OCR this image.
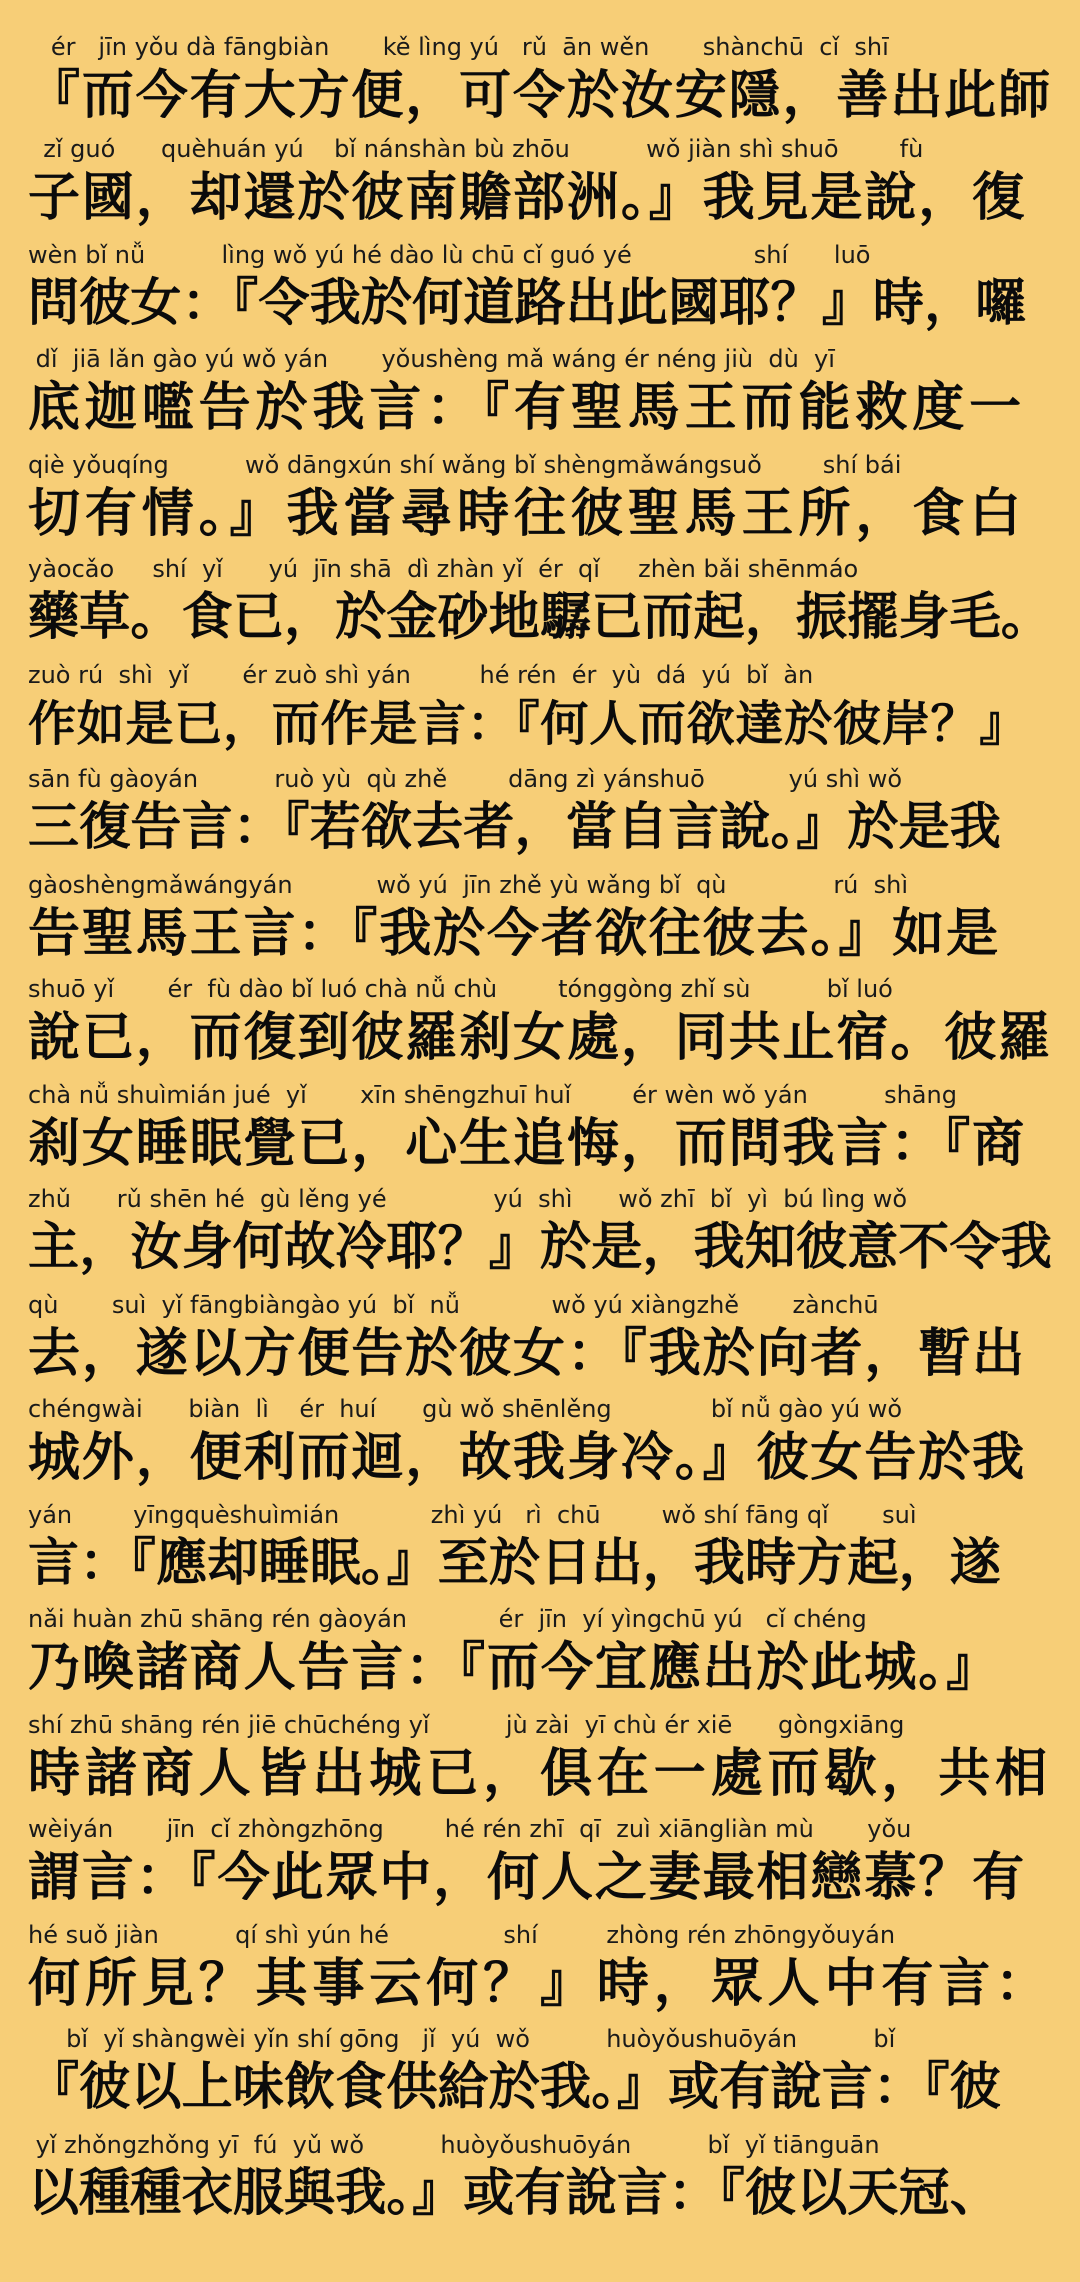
ér   jīn yǒu dà fāngbiàn       kě lìng yú   rǔ  ān wěn       shànchū  cǐ  shī
『而今有大方便，可令於汝安隱，善出此師
zǐ guó      quèhuán yú    bǐ nánshàn bù zhōu          wǒ jiàn shì shuō        fù
子國，却還於彼南贍部洲。』我見是說，復
wèn bǐ nǚ          lìng wǒ yú hé dào lù chū cǐ guó yé                shí      luō
問彼女：『令我於何道路出此國耶？』時，囉
dǐ  jiā lǎn gào yú wǒ yán       yǒushèng mǎ wáng ér néng jiù  dù  yī
底迦嚂告於我言：『有聖馬王而能救度一
qiè yǒuqíng          wǒ dāngxún shí wǎng bǐ shèngmǎwángsuǒ        shí bái
切有情。』我當尋時往彼聖馬王所，食白
yàocǎo     shí  yǐ      yú  jīn shā  dì zhàn yǐ  ér  qǐ     zhèn bǎi shēnmáo
藥草。食已，於金砂地驏已而起，振擺身毛。
zuò rú  shì  yǐ       ér zuò shì yán         hé rén  ér  yù  dá  yú  bǐ  àn
作如是已，而作是言：『何人而欲達於彼岸？』
sān fù gàoyán          ruò yù  qù zhě        dāng zì yánshuō           yú shì wǒ
三復告言：『若欲去者，當自言說。』於是我
gàoshèngmǎwángyán           wǒ yú  jīn zhě yù wǎng bǐ  qù              rú  shì
告聖馬王言：『我於今者欲往彼去。』如是
shuō yǐ       ér  fù dào bǐ luó chà nǚ chù        tónggòng zhǐ sù          bǐ luó
說已，而復到彼羅刹女處，同共止宿。彼羅
chà nǚ shuìmián jué  yǐ       xīn shēngzhuī huǐ        ér wèn wǒ yán          shāng
刹女睡眠覺已，心生追悔，而問我言：『商
zhǔ      rǔ shēn hé  gù lěng yé              yú  shì      wǒ zhī  bǐ  yì  bú lìng wǒ
主，汝身何故冷耶？』於是，我知彼意不令我
qù       suì  yǐ fāngbiàngào yú  bǐ  nǚ            wǒ yú xiàngzhě       zànchū
去，遂以方便告於彼女：『我於向者，暫出
chéngwài      biàn  lì    ér  huí      gù wǒ shēnlěng             bǐ nǚ gào yú wǒ
城外，便利而迴，故我身冷。』彼女告於我
yán        yīngquèshuìmián            zhì yú   rì  chū        wǒ shí fāng qǐ       suì
言：『應却睡眠。』至於日出，我時方起，遂
nǎi huàn zhū shāng rén gàoyán            ér  jīn  yí yìngchū yú   cǐ chéng
乃喚諸商人告言：『而今宜應出於此城。』
shí zhū shāng rén jiē chūchéng yǐ          jù zài  yī chù ér xiē      gòngxiāng
時諸商人皆出城已，俱在一處而歇，共相
wèiyán       jīn  cǐ zhòngzhōng        hé rén zhī  qī  zuì xiāngliàn mù       yǒu
謂言：『今此眾中，何人之妻最相戀慕？有
hé suǒ jiàn          qí shì yún hé               shí         zhòng rén zhōngyǒuyán
何所見？其事云何？』時，眾人中有言：
bǐ  yǐ shàngwèi yǐn shí gōng   jǐ  yú  wǒ          huòyǒushuōyán          bǐ
『彼以上味飲食供給於我。』或有說言：『彼
yǐ zhǒngzhǒng yī  fú  yǔ wǒ          huòyǒushuōyán          bǐ  yǐ tiānguān
以種種衣服與我。』或有說言：『彼以天冠、
